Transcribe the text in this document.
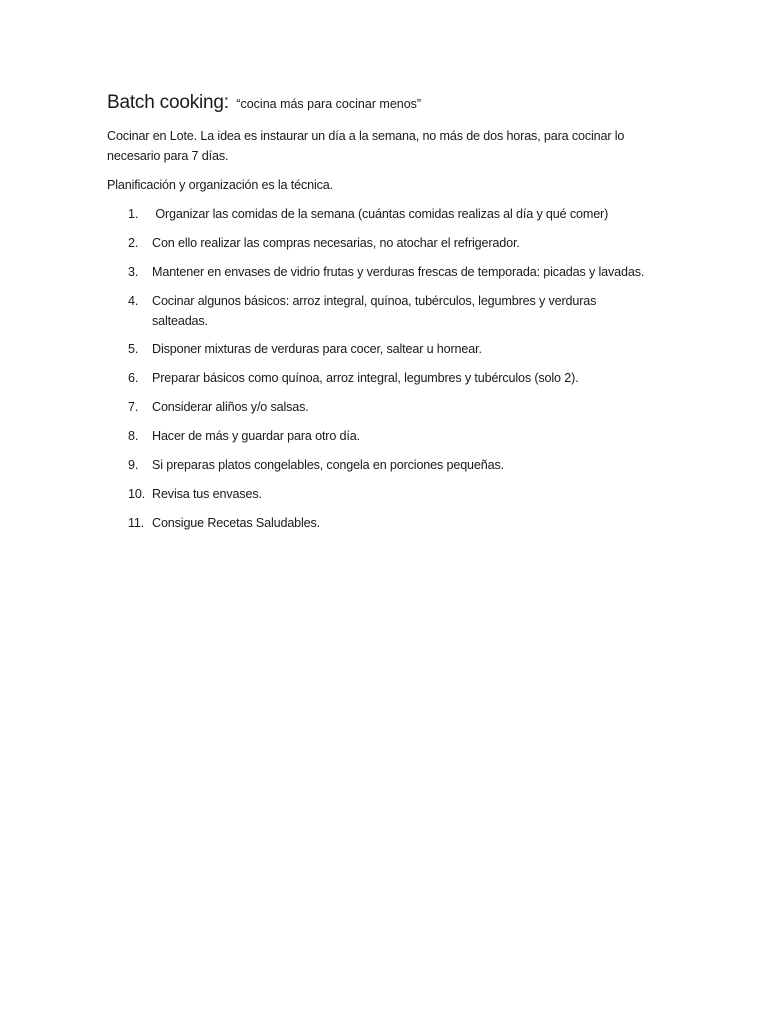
Batch cooking: “cocina más para cocinar menos”
Cocinar en Lote. La idea es instaurar un día a la semana, no más de dos horas, para cocinar lo necesario para 7 días.
Planificación y organización es la técnica.
1.	Organizar las comidas de la semana (cuántas comidas realizas al día y qué comer)
2.	Con ello realizar las compras necesarias, no atochar el refrigerador.
3.	Mantener en envases de vidrio frutas y verduras frescas de temporada: picadas y lavadas.
4.	Cocinar algunos básicos: arroz integral, quínoa, tubérculos, legumbres y verduras salteadas.
5.	Disponer mixturas de verduras para cocer, saltear u hornear.
6.	Preparar básicos como quínoa, arroz integral, legumbres y tubérculos (solo 2).
7.	Considerar aliños y/o salsas.
8.	Hacer de más y guardar para otro día.
9.	Si preparas platos congelables, congela en porciones pequeñas.
10. Revisa tus envases.
11. Consigue Recetas Saludables.
